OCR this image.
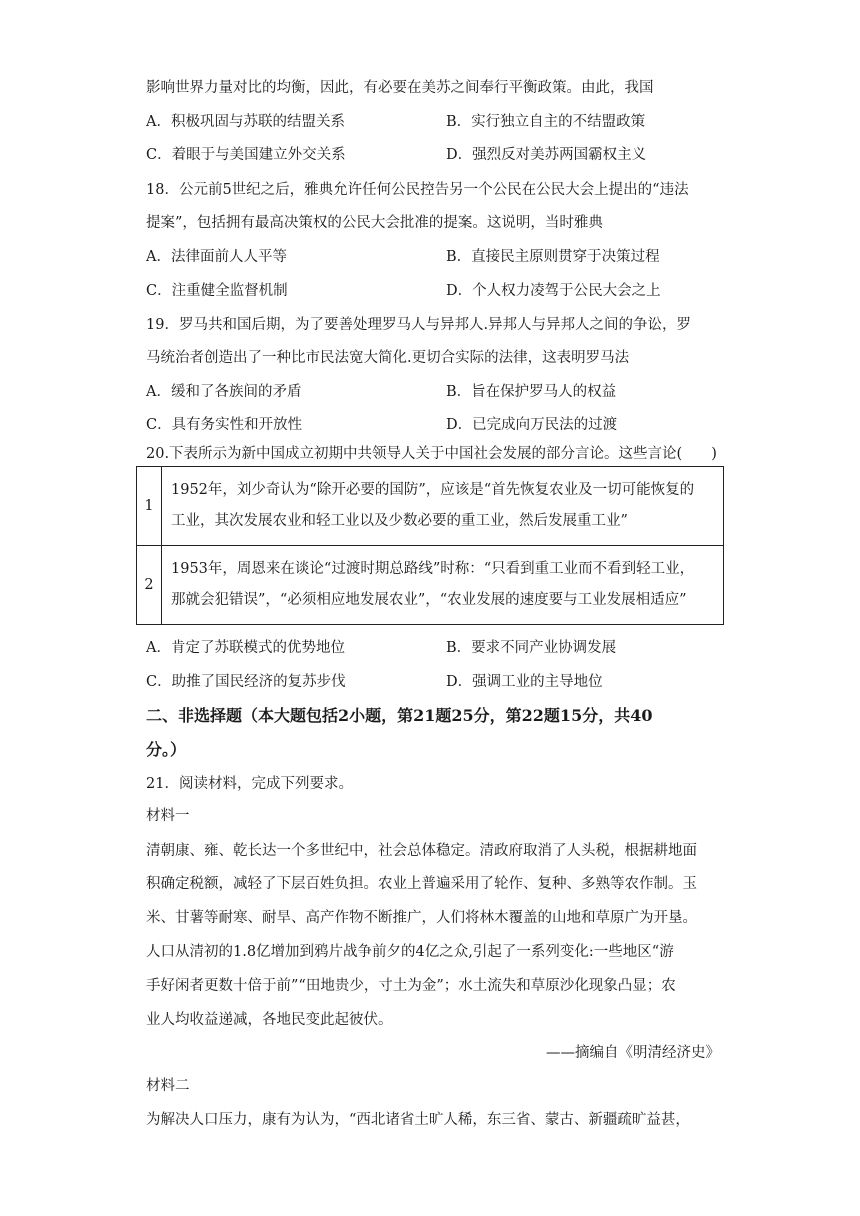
影响世界力量对比的均衡，因此，有必要在美苏之间奉行平衡政策。由此，我国
A．积极巩固与苏联的结盟关系	B．实行独立自主的不结盟政策
C．着眼于与美国建立外交关系	D．强烈反对美苏两国霸权主义
18．公元前5世纪之后，雅典允许任何公民控告另一个公民在公民大会上提出的“违法
提案”，包括拥有最高决策权的公民大会批准的提案。这说明，当时雅典
A．法律面前人人平等	B．直接民主原则贯穿于决策过程
C．注重健全监督机制	D．个人权力凌驾于公民大会之上
19．罗马共和国后期，为了要善处理罗马人与异邦人.异邦人与异邦人之间的争讼，罗
马统治者创造出了一种比市民法宽大简化.更切合实际的法律，这表明罗马法
A．缓和了各族间的矛盾	B．旨在保护罗马人的权益
C．具有务实性和开放性	D．已完成向万民法的过渡
20.下表所示为新中国成立初期中共领导人关于中国社会发展的部分言论。这些言论(　　)
1	1952年，刘少奇认为“除开必要的国防”，应该是“首先恢复农业及一切可能恢复的
工业，其次发展农业和轻工业以及少数必要的重工业，然后发展重工业”

2	1953年，周恩来在谈论“过渡时期总路线”时称：“只看到重工业而不看到轻工业，
那就会犯错误”，“必须相应地发展农业”，“农业发展的速度要与工业发展相适应”
A．肯定了苏联模式的优势地位	B．要求不同产业协调发展
C．助推了国民经济的复苏步伐	D．强调工业的主导地位
二、非选择题（本大题包括2小题，第21题25分，第22题15分，共40
分。）
21．阅读材料，完成下列要求。
材料一
清朝康、雍、乾长达一个多世纪中，社会总体稳定。清政府取消了人头税，根据耕地面
积确定税额，减轻了下层百姓负担。农业上普遍采用了轮作、复种、多熟等农作制。玉
米、甘薯等耐寒、耐旱、高产作物不断推广，人们将林木覆盖的山地和草原广为开垦。
人口从清初的1.8亿增加到鸦片战争前夕的4亿之众,引起了一系列变化:一些地区“游
手好闲者更数十倍于前”“田地贵少，寸土为金”；水土流失和草原沙化现象凸显；农
业人均收益递减，各地民变此起彼伏。
——摘编自《明清经济史》
材料二
为解决人口压力，康有为认为，“西北诸省土旷人稀，东三省、蒙古、新疆疏旷益甚，
